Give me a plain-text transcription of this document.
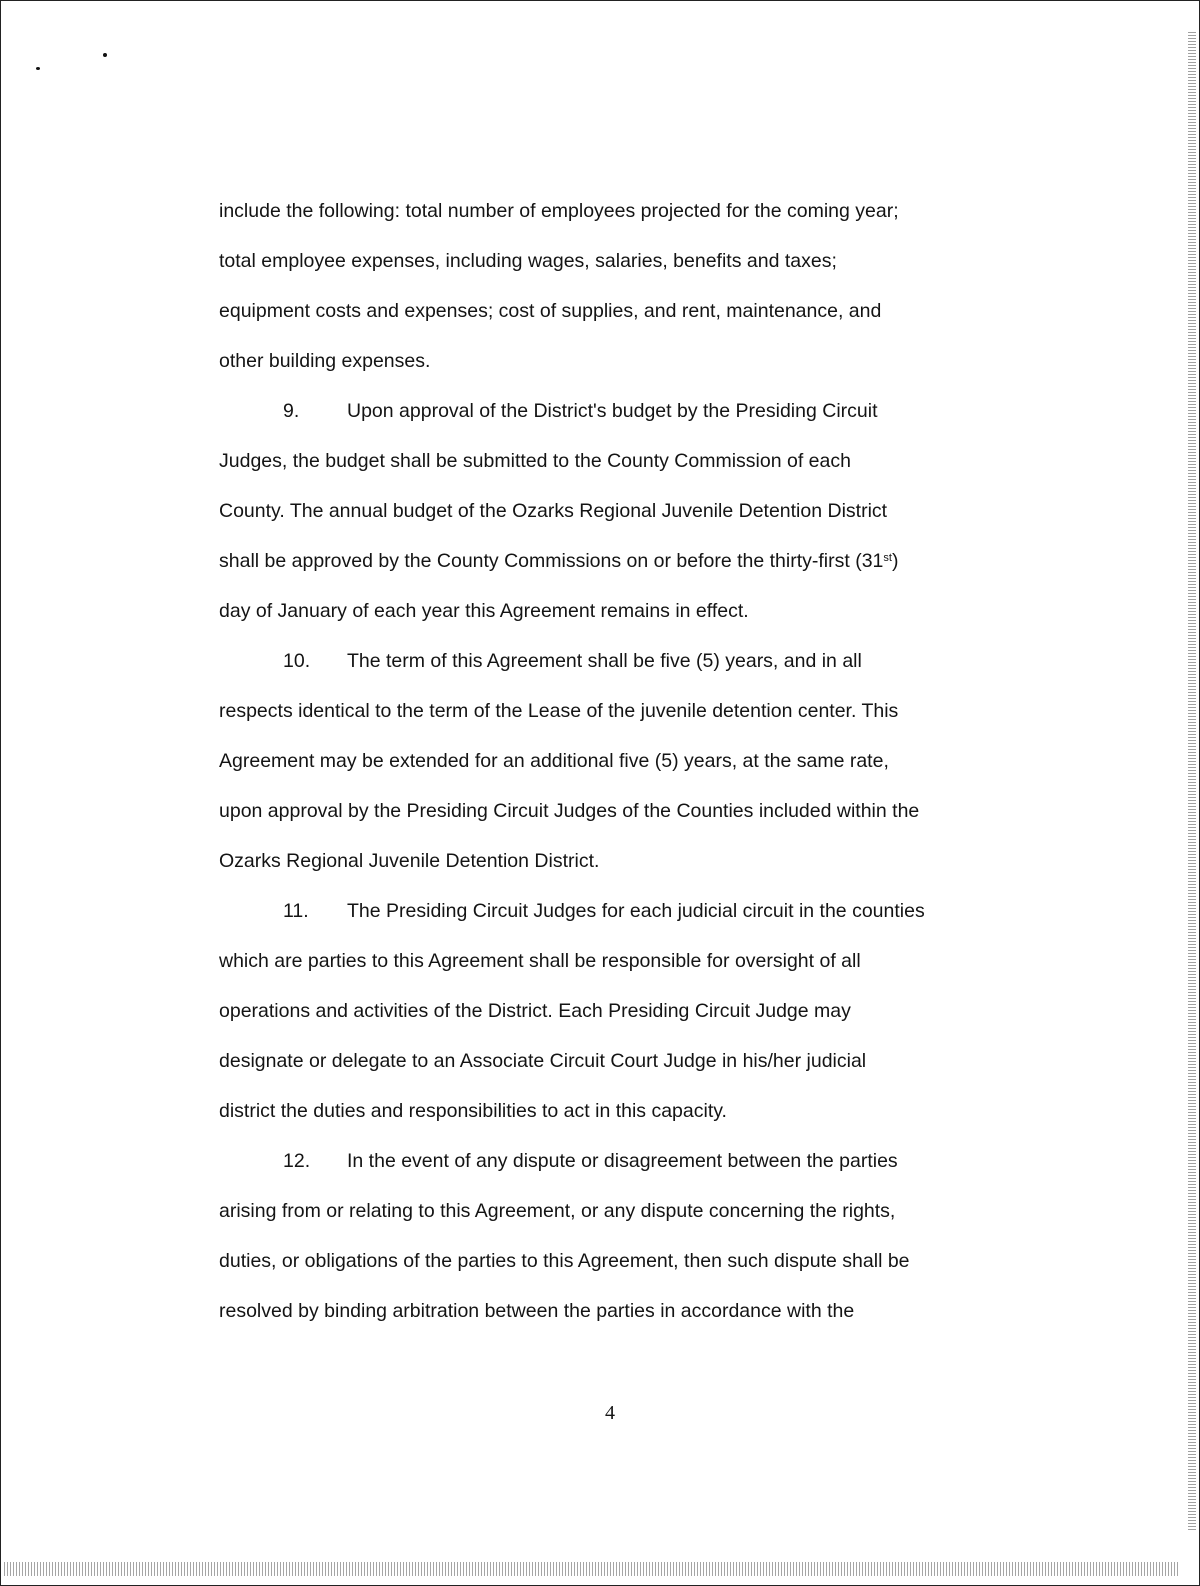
include the following: total number of employees projected for the coming year;
total employee expenses, including wages, salaries, benefits and taxes;
equipment costs and expenses; cost of supplies, and rent, maintenance, and
other building expenses.
9. Upon approval of the District's budget by the Presiding Circuit
Judges, the budget shall be submitted to the County Commission of each
County. The annual budget of the Ozarks Regional Juvenile Detention District
shall be approved by the County Commissions on or before the thirty-first (31st)
day of January of each year this Agreement remains in effect.
10. The term of this Agreement shall be five (5) years, and in all
respects identical to the term of the Lease of the juvenile detention center. This
Agreement may be extended for an additional five (5) years, at the same rate,
upon approval by the Presiding Circuit Judges of the Counties included within the
Ozarks Regional Juvenile Detention District.
11. The Presiding Circuit Judges for each judicial circuit in the counties
which are parties to this Agreement shall be responsible for oversight of all
operations and activities of the District. Each Presiding Circuit Judge may
designate or delegate to an Associate Circuit Court Judge in his/her judicial
district the duties and responsibilities to act in this capacity.
12. In the event of any dispute or disagreement between the parties
arising from or relating to this Agreement, or any dispute concerning the rights,
duties, or obligations of the parties to this Agreement, then such dispute shall be
resolved by binding arbitration between the parties in accordance with the
4
